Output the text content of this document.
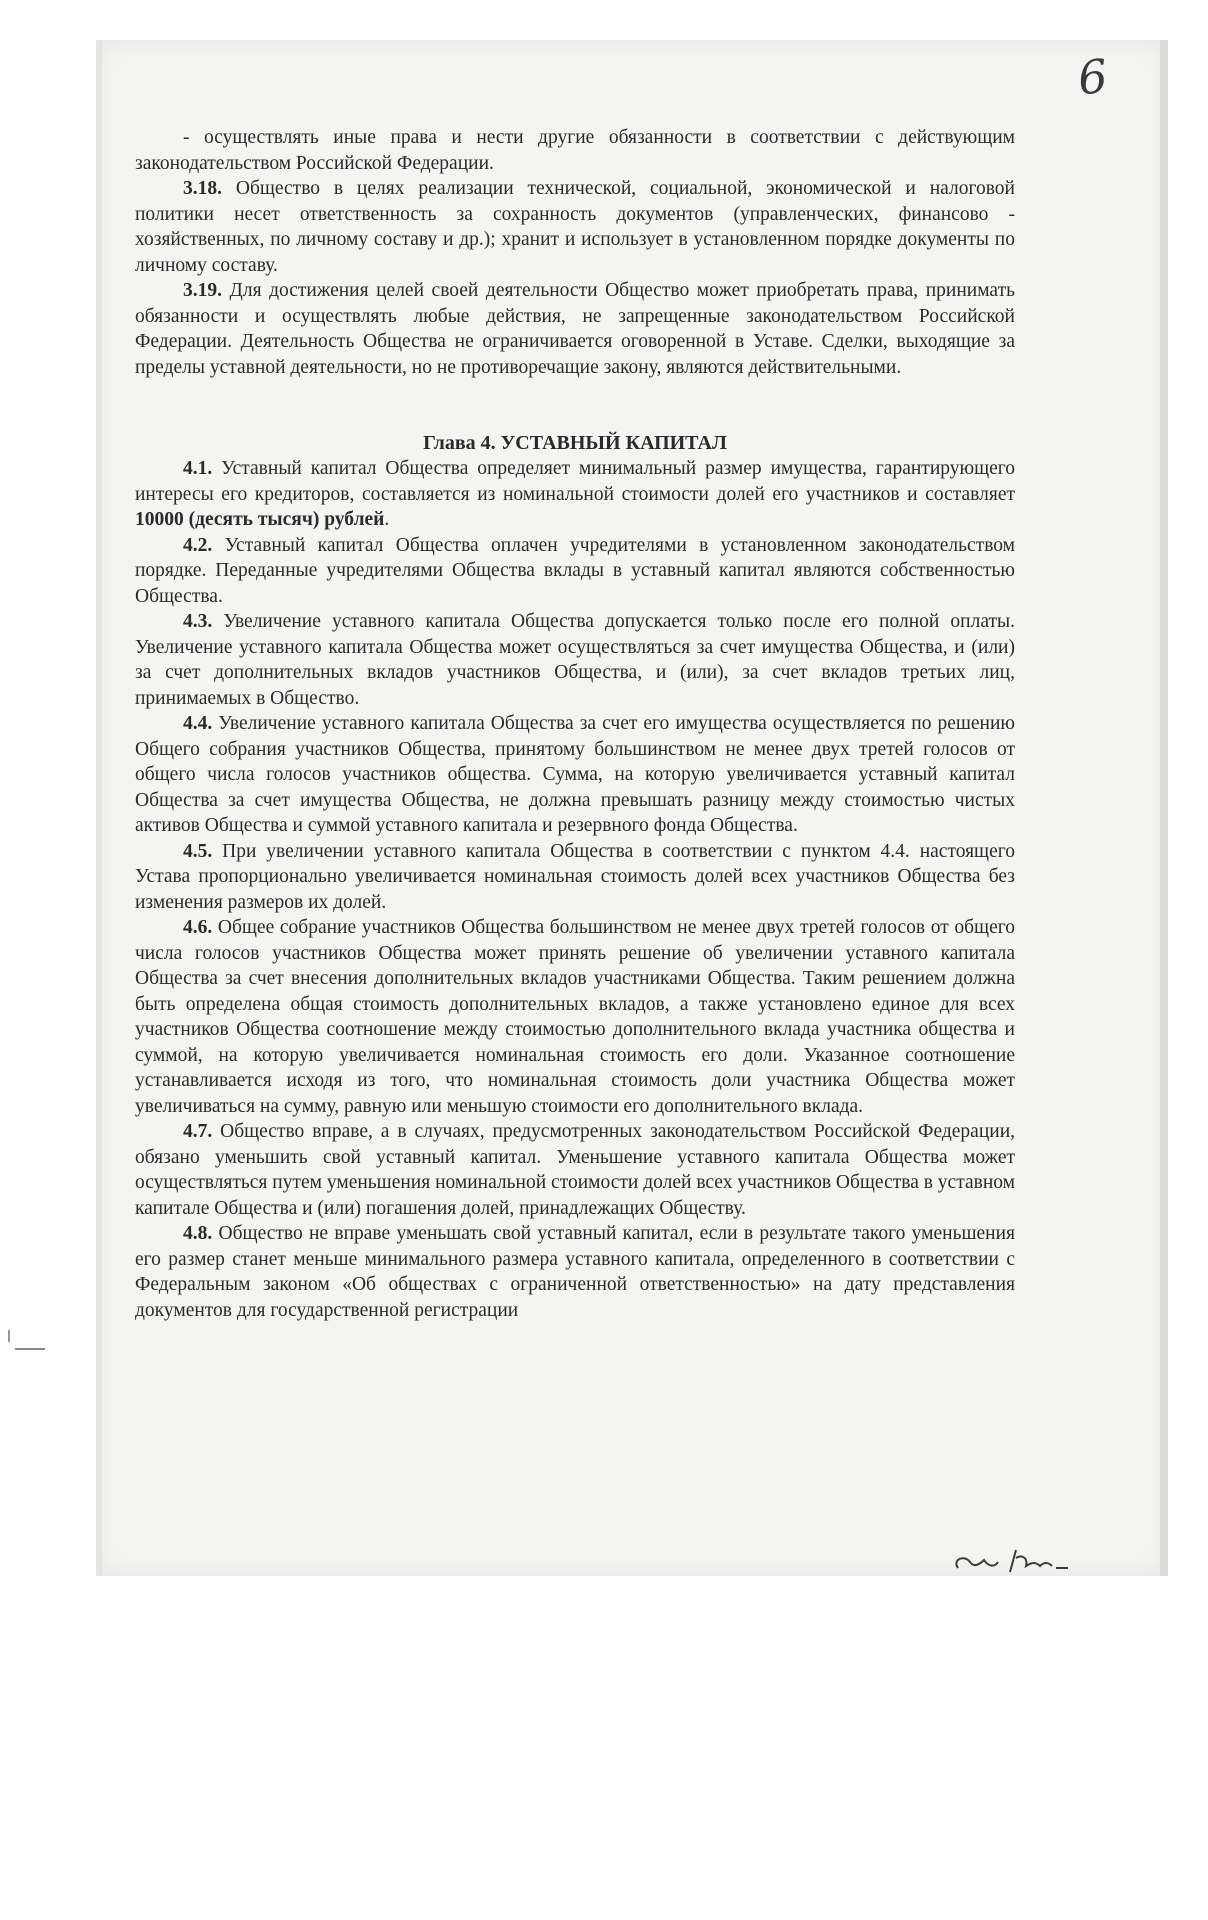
6

- осуществлять иные права и нести другие обязанности в соответствии с действующим законодательством Российской Федерации.

3.18. Общество в целях реализации технической, социальной, экономической и налоговой политики несет ответственность за сохранность документов (управленческих, финансово - хозяйственных, по личному составу и др.); хранит и использует в установленном порядке документы по личному составу.

3.19. Для достижения целей своей деятельности Общество может приобретать права, принимать обязанности и осуществлять любые действия, не запрещенные законодательством Российской Федерации. Деятельность Общества не ограничивается оговоренной в Уставе. Сделки, выходящие за пределы уставной деятельности, но не противоречащие закону, являются действительными.

Глава 4. УСТАВНЫЙ КАПИТАЛ

4.1. Уставный капитал Общества определяет минимальный размер имущества, гарантирующего интересы его кредиторов, составляется из номинальной стоимости долей его участников и составляет 10000 (десять тысяч) рублей.

4.2. Уставный капитал Общества оплачен учредителями в установленном законодательством порядке. Переданные учредителями Общества вклады в уставный капитал являются собственностью Общества.

4.3. Увеличение уставного капитала Общества допускается только после его полной оплаты. Увеличение уставного капитала Общества может осуществляться за счет имущества Общества, и (или) за счет дополнительных вкладов участников Общества, и (или), за счет вкладов третьих лиц, принимаемых в Общество.

4.4. Увеличение уставного капитала Общества за счет его имущества осуществляется по решению Общего собрания участников Общества, принятому большинством не менее двух третей голосов от общего числа голосов участников общества. Сумма, на которую увеличивается уставный капитал Общества за счет имущества Общества, не должна превышать разницу между стоимостью чистых активов Общества и суммой уставного капитала и резервного фонда Общества.

4.5. При увеличении уставного капитала Общества в соответствии с пунктом 4.4. настоящего Устава пропорционально увеличивается номинальная стоимость долей всех участников Общества без изменения размеров их долей.

4.6. Общее собрание участников Общества большинством не менее двух третей голосов от общего числа голосов участников Общества может принять решение об увеличении уставного капитала Общества за счет внесения дополнительных вкладов участниками Общества. Таким решением должна быть определена общая стоимость дополнительных вкладов, а также установлено единое для всех участников Общества соотношение между стоимостью дополнительного вклада участника общества и суммой, на которую увеличивается номинальная стоимость его доли. Указанное соотношение устанавливается исходя из того, что номинальная стоимость доли участника Общества может увеличиваться на сумму, равную или меньшую стоимости его дополнительного вклада.

4.7. Общество вправе, а в случаях, предусмотренных законодательством Российской Федерации, обязано уменьшить свой уставный капитал. Уменьшение уставного капитала Общества может осуществляться путем уменьшения номинальной стоимости долей всех участников Общества в уставном капитале Общества и (или) погашения долей, принадлежащих Обществу.

4.8. Общество не вправе уменьшать свой уставный капитал, если в результате такого уменьшения его размер станет меньше минимального размера уставного капитала, определенного в соответствии с Федеральным законом «Об обществах с ограниченной ответственностью» на дату представления документов для государственной регистрации
